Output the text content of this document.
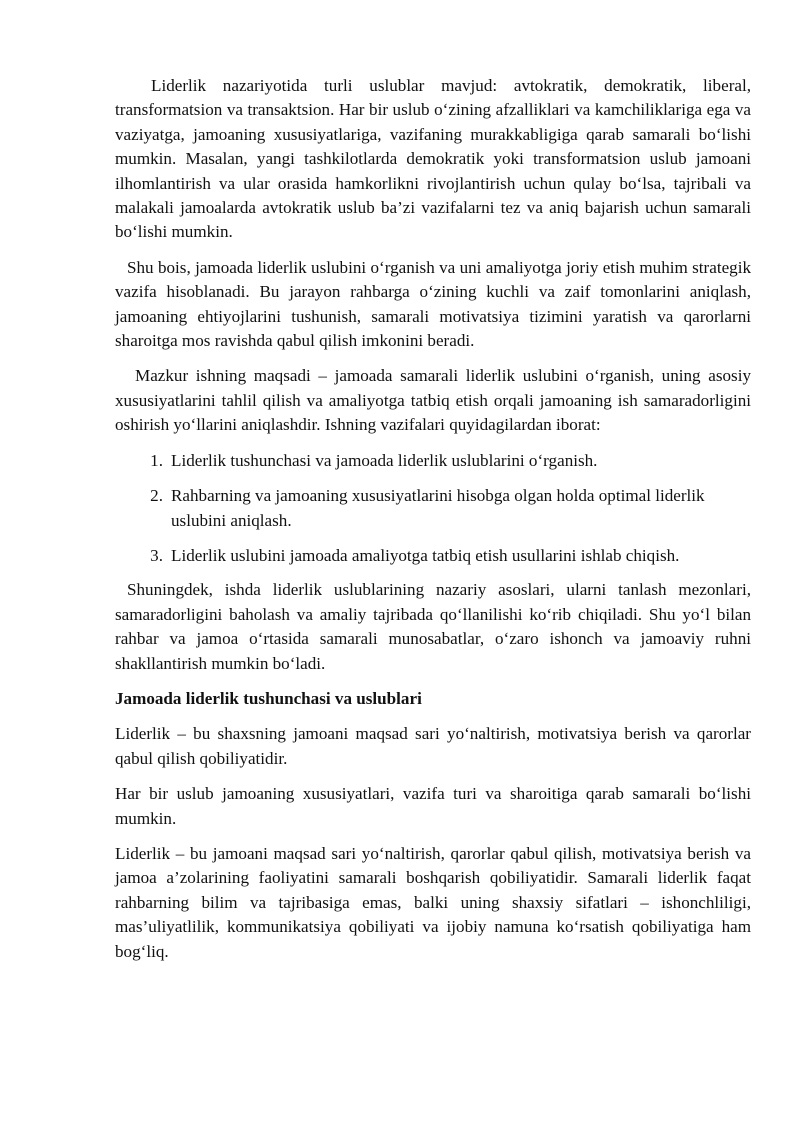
Liderlik nazariyotida turli uslublar mavjud: avtokratik, demokratik, liberal, transformatsion va transaktsion. Har bir uslub o‘zining afzalliklari va kamchiliklariga ega va vaziyatga, jamoaning xususiyatlariga, vazifaning murakkabligiga qarab samarali bo‘lishi mumkin. Masalan, yangi tashkilotlarda demokratik yoki transformatsion uslub jamoani ilhomlantirish va ular orasida hamkorlikni rivojlantirish uchun qulay bo‘lsa, tajribali va malakali jamoalarda avtokratik uslub ba’zi vazifalarni tez va aniq bajarish uchun samarali bo‘lishi mumkin.

Shu bois, jamoada liderlik uslubini o‘rganish va uni amaliyotga joriy etish muhim strategik vazifa hisoblanadi. Bu jarayon rahbarga o‘zining kuchli va zaif tomonlarini aniqlash, jamoaning ehtiyojlarini tushunish, samarali motivatsiya tizimini yaratish va qarorlarni sharoitga mos ravishda qabul qilish imkonini beradi.

Mazkur ishning maqsadi – jamoada samarali liderlik uslubini o‘rganish, uning asosiy xususiyatlarini tahlil qilish va amaliyotga tatbiq etish orqali jamoaning ish samaradorligini oshirish yo‘llarini aniqlashdir. Ishning vazifalari quyidagilardan iborat:

1. Liderlik tushunchasi va jamoada liderlik uslublarini o‘rganish.
2. Rahbarning va jamoaning xususiyatlarini hisobga olgan holda optimal liderlik uslubini aniqlash.
3. Liderlik uslubini jamoada amaliyotga tatbiq etish usullarini ishlab chiqish.

Shuningdek, ishda liderlik uslublarining nazariy asoslari, ularni tanlash mezonlari, samaradorligini baholash va amaliy tajribada qo‘llanilishi ko‘rib chiqiladi. Shu yo‘l bilan rahbar va jamoa o‘rtasida samarali munosabatlar, o‘zaro ishonch va jamoaviy ruhni shakllantirish mumkin bo‘ladi.

Jamoada liderlik tushunchasi va uslublari

Liderlik – bu shaxsning jamoani maqsad sari yo‘naltirish, motivatsiya berish va qarorlar qabul qilish qobiliyatidir.

Har bir uslub jamoaning xususiyatlari, vazifa turi va sharoitiga qarab samarali bo‘lishi mumkin.

Liderlik – bu jamoani maqsad sari yo‘naltirish, qarorlar qabul qilish, motivatsiya berish va jamoa a’zolarining faoliyatini samarali boshqarish qobiliyatidir. Samarali liderlik faqat rahbarning bilim va tajribasiga emas, balki uning shaxsiy sifatlari – ishonchliligi, mas’uliyatlilik, kommunikatsiya qobiliyati va ijobiy namuna ko‘rsatish qobiliyatiga ham bog‘liq.
